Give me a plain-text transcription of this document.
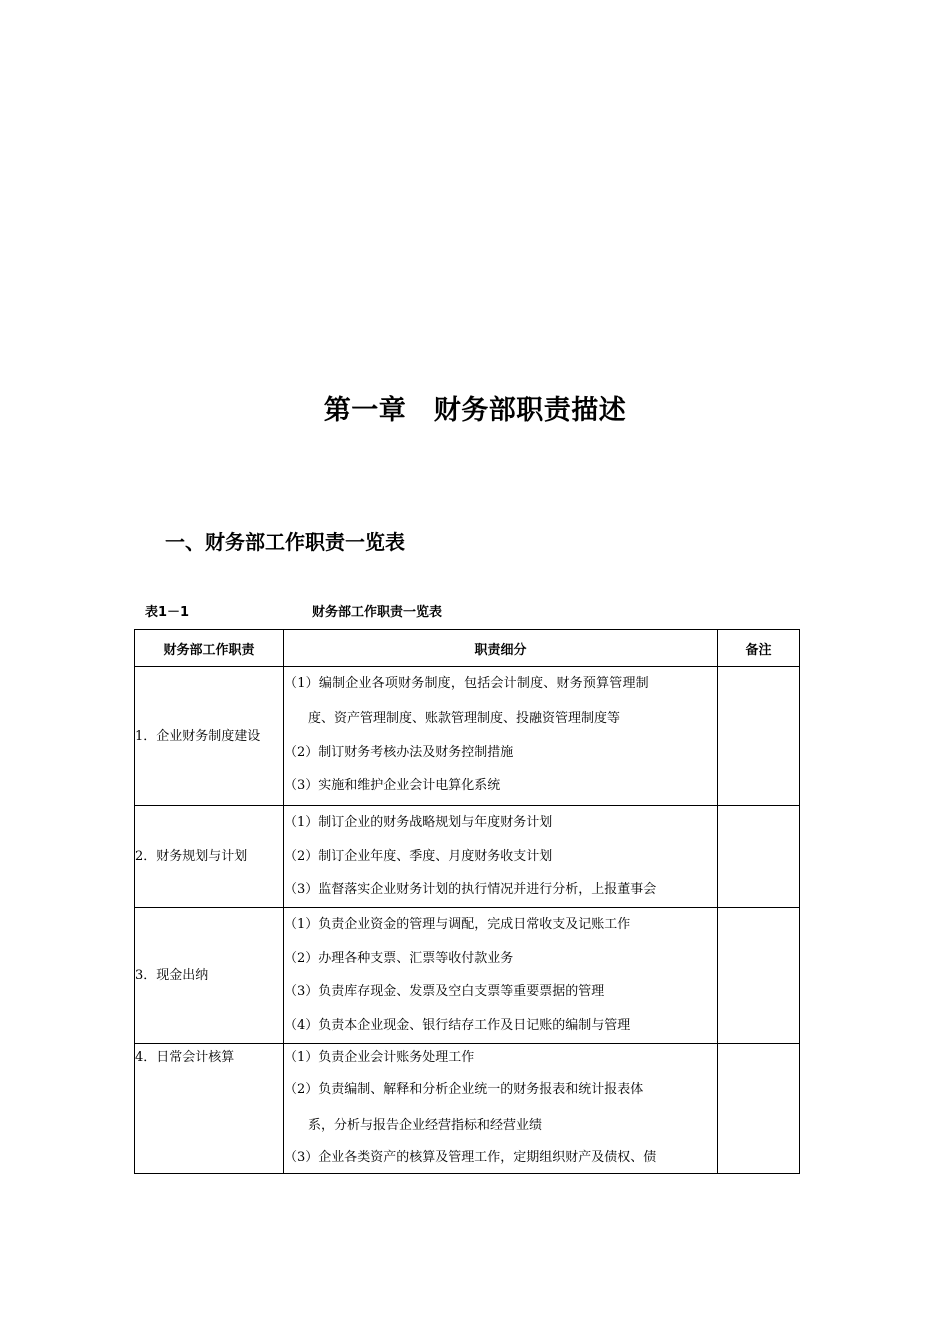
第一章　财务部职责描述
一、财务部工作职责一览表
表1－1	财务部工作职责一览表
财务部工作职责	职责细分	备注
1．企业财务制度建设	（1）编制企业各项财务制度，包括会计制度、财务预算管理制
度、资产管理制度、账款管理制度、投融资管理制度等
（2）制订财务考核办法及财务控制措施
（3）实施和维护企业会计电算化系统	

2．财务规划与计划	（1）制订企业的财务战略规划与年度财务计划
（2）制订企业年度、季度、月度财务收支计划
（3）监督落实企业财务计划的执行情况并进行分析，上报董事会	

3．现金出纳	（1）负责企业资金的管理与调配，完成日常收支及记账工作
（2）办理各种支票、汇票等收付款业务
（3）负责库存现金、发票及空白支票等重要票据的管理
（4）负责本企业现金、银行结存工作及日记账的编制与管理	

4．日常会计核算	（1）负责企业会计账务处理工作
（2）负责编制、解释和分析企业统一的财务报表和统计报表体
系，分析与报告企业经营指标和经营业绩
（3）企业各类资产的核算及管理工作，定期组织财产及债权、债	
